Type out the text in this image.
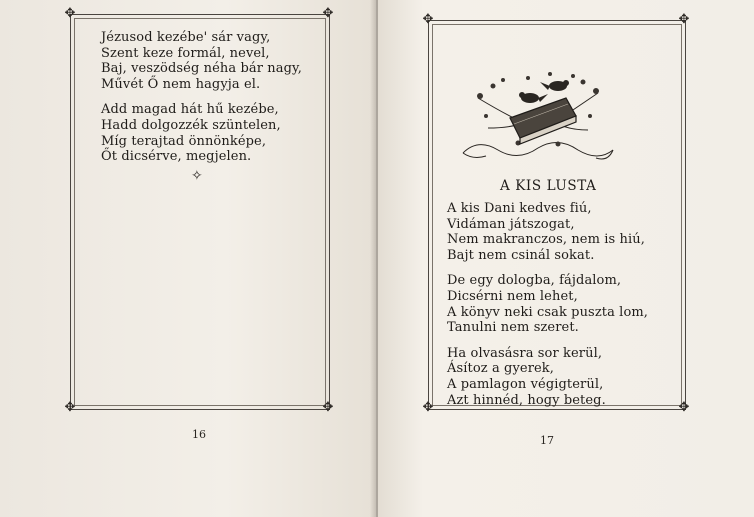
✥	✥
✥	✥
Jézusod kezébe' sár vagy,
Szent keze formál, nevel,
Baj, veszödség néha bár nagy,
Művét Ő nem hagyja el.
Add magad hát hű kezébe,
Hadd dolgozzék szüntelen,
Míg terajtad önnönképe,
Őt dicsérve, megjelen.
✧
16
✥	✥
✥	✥
A KIS LUSTA
A kis Dani kedves fiú,
Vidáman játszogat,
Nem makranczos, nem is hiú,
Bajt nem csinál sokat.
De egy dologba, fájdalom,
Dicsérni nem lehet,
A könyv neki csak puszta lom,
Tanulni nem szeret.
Ha olvasásra sor kerül,
Ásítoz a gyerek,
A pamlagon végigterül,
Azt hinnéd, hogy beteg.
17
